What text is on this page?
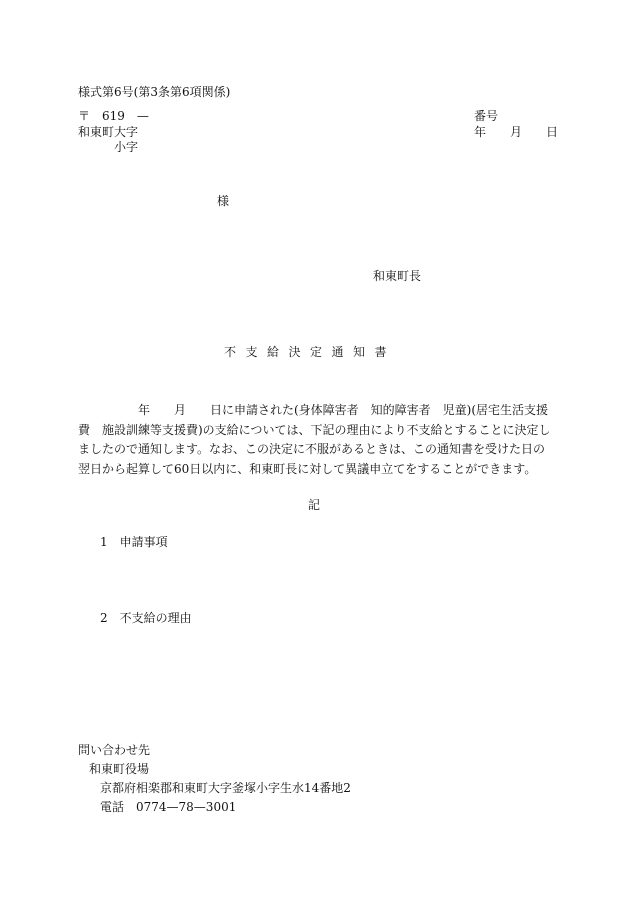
様式第6号(第3条第6項関係)
〒　619　—
和東町大字
小字
番号
年　　月　　日
様
和東町長
不支給決定通知書
　　　　　年　　月　　日に申請された(身体障害者　知的障害者　児童)(居宅生活支援費　施設訓練等支援費)の支給については、下記の理由により不支給とすることに決定しましたので通知します。なお、この決定に不服があるときは、この通知書を受けた日の翌日から起算して60日以内に、和東町長に対して異議申立てをすることができます。
記
1　申請事項
2　不支給の理由
問い合わせ先
和東町役場
京都府相楽郡和東町大字釜塚小字生水14番地2
電話　0774—78—3001
